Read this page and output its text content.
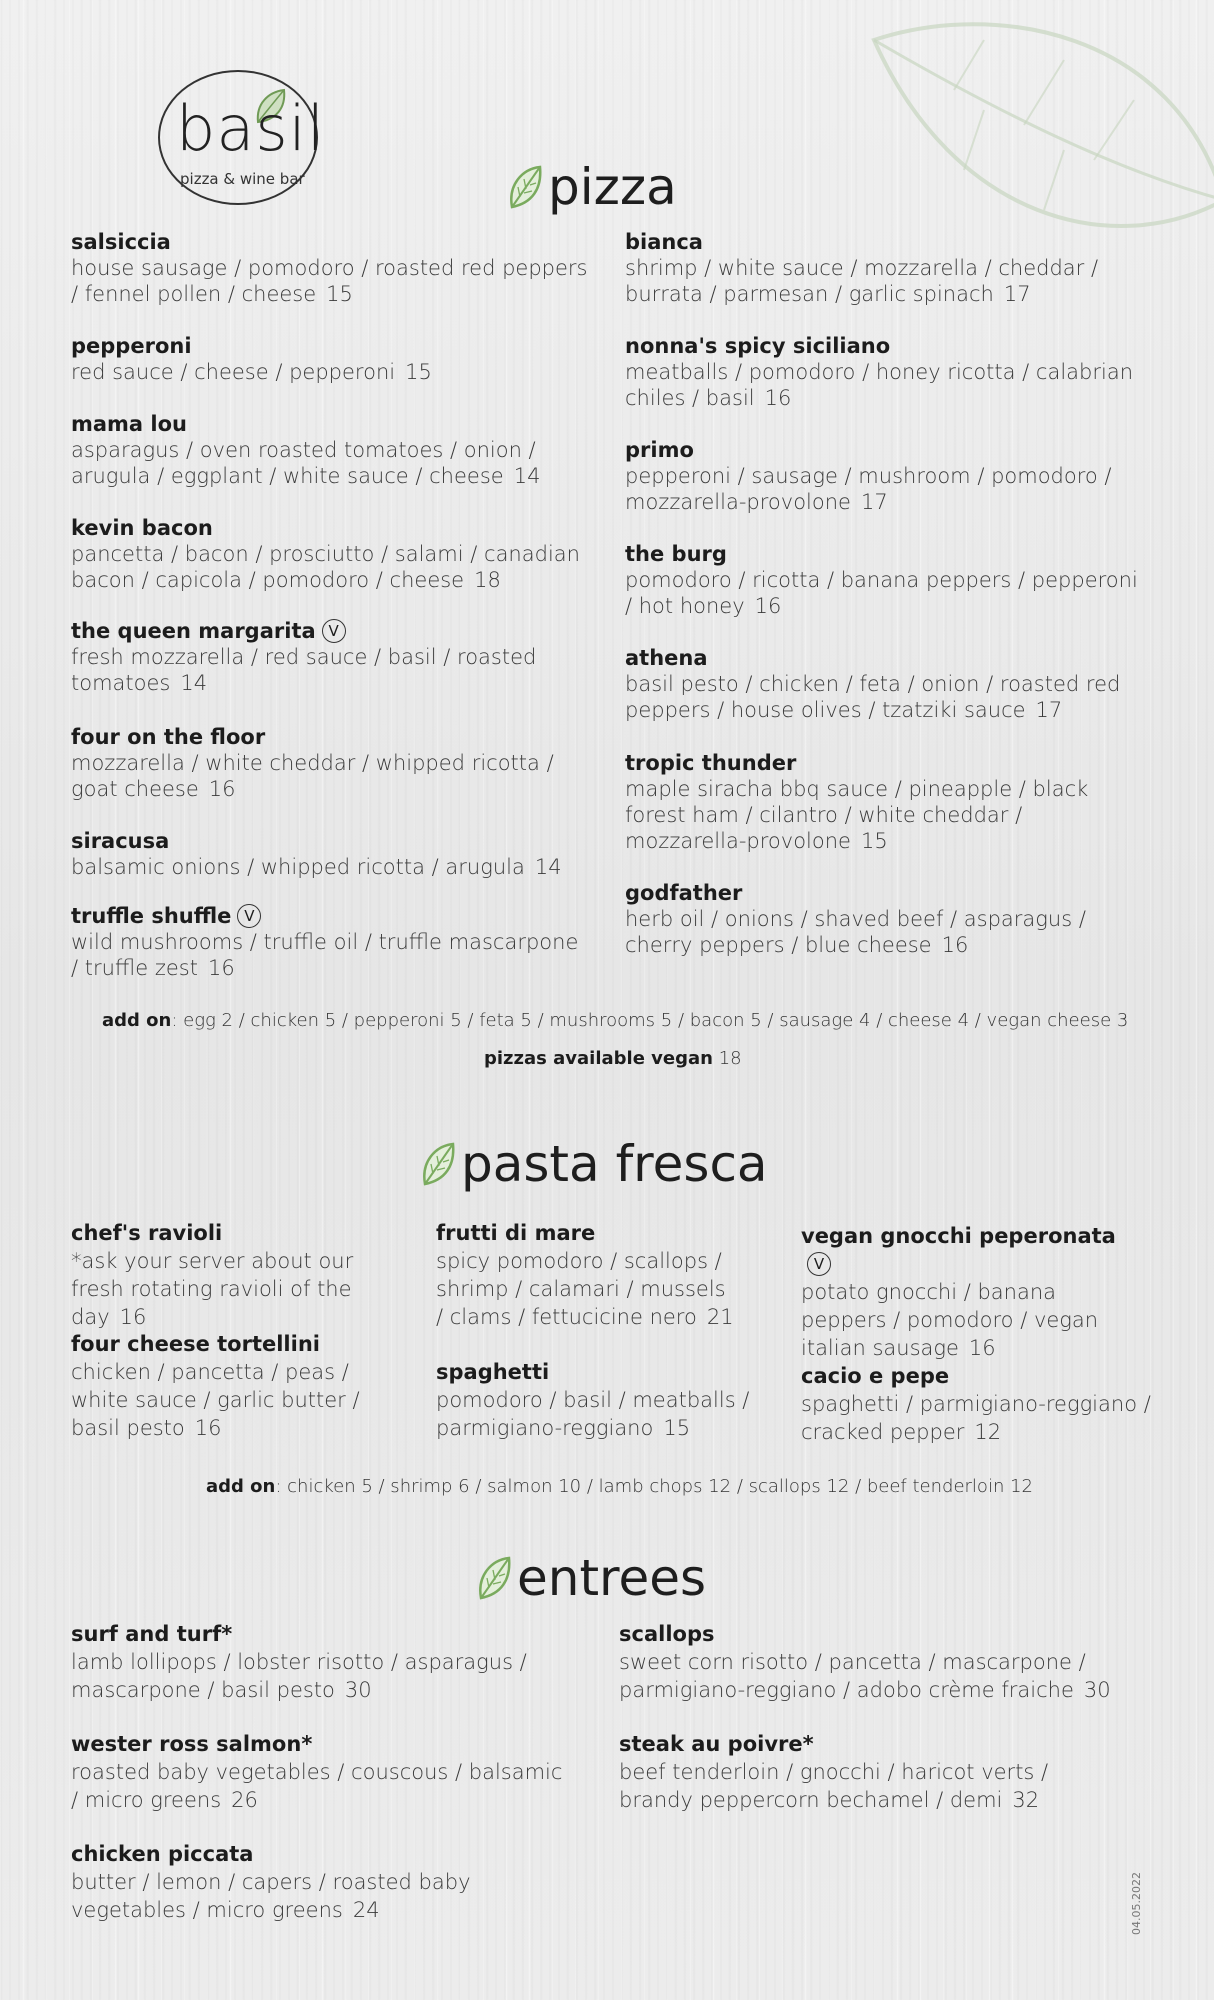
basil
pizza & wine bar	pizza
salsiccia
house sausage / pomodoro / roasted red peppers / fennel pollen / cheese 15
pepperoni
red sauce / cheese / pepperoni 15
mama lou
asparagus / oven roasted tomatoes / onion / arugula / eggplant / white sauce / cheese 14
kevin bacon
pancetta / bacon / prosciutto / salami / canadian bacon / capicola / pomodoro / cheese 18
the queen margarita V
fresh mozzarella / red sauce / basil / roasted tomatoes 14
four on the floor
mozzarella / white cheddar / whipped ricotta / goat cheese 16
siracusa
balsamic onions / whipped ricotta / arugula 14
truffle shuffle V
wild mushrooms / truffle oil / truffle mascarpone / truffle zest 16
bianca
shrimp / white sauce / mozzarella / cheddar / burrata / parmesan / garlic spinach 17
nonna's spicy siciliano
meatballs / pomodoro / honey ricotta / calabrian chiles / basil 16
primo
pepperoni / sausage / mushroom / pomodoro / mozzarella-provolone 17
the burg
pomodoro / ricotta / banana peppers / pepperoni / hot honey 16
athena
basil pesto / chicken / feta / onion / roasted red peppers / house olives / tzatziki sauce 17
tropic thunder
maple siracha bbq sauce / pineapple / black forest ham / cilantro / white cheddar / mozzarella-provolone 15
godfather
herb oil / onions / shaved beef / asparagus / cherry peppers / blue cheese 16
add on: egg 2 / chicken 5 / pepperoni 5 / feta 5 / mushrooms 5 / bacon 5 / sausage 4 / cheese 4 / vegan cheese 3
pizzas available vegan 18
pasta fresca
chef's ravioli
*ask your server about our fresh rotating ravioli of the day 16
four cheese tortellini
chicken / pancetta / peas / white sauce / garlic butter / basil pesto 16
frutti di mare
spicy pomodoro / scallops / shrimp / calamari / mussels / clams / fettucicine nero 21
spaghetti
pomodoro / basil / meatballs / parmigiano-reggiano 15
vegan gnocchi peperonataV
potato gnocchi / banana peppers / pomodoro / vegan italian sausage 16
cacio e pepe
spaghetti / parmigiano-reggiano / cracked pepper 12
add on: chicken 5 / shrimp 6 / salmon 10 / lamb chops 12 / scallops 12 / beef tenderloin 12
entrees
surf and turf*
lamb lollipops / lobster risotto / asparagus / mascarpone / basil pesto 30
wester ross salmon*
roasted baby vegetables / couscous / balsamic / micro greens 26
chicken piccata
butter / lemon / capers / roasted baby vegetables / micro greens 24
scallops
sweet corn risotto / pancetta / mascarpone / parmigiano-reggiano / adobo crème fraiche 30
steak au poivre*
beef tenderloin / gnocchi / haricot verts / brandy peppercorn bechamel / demi 32
04.05.2022
